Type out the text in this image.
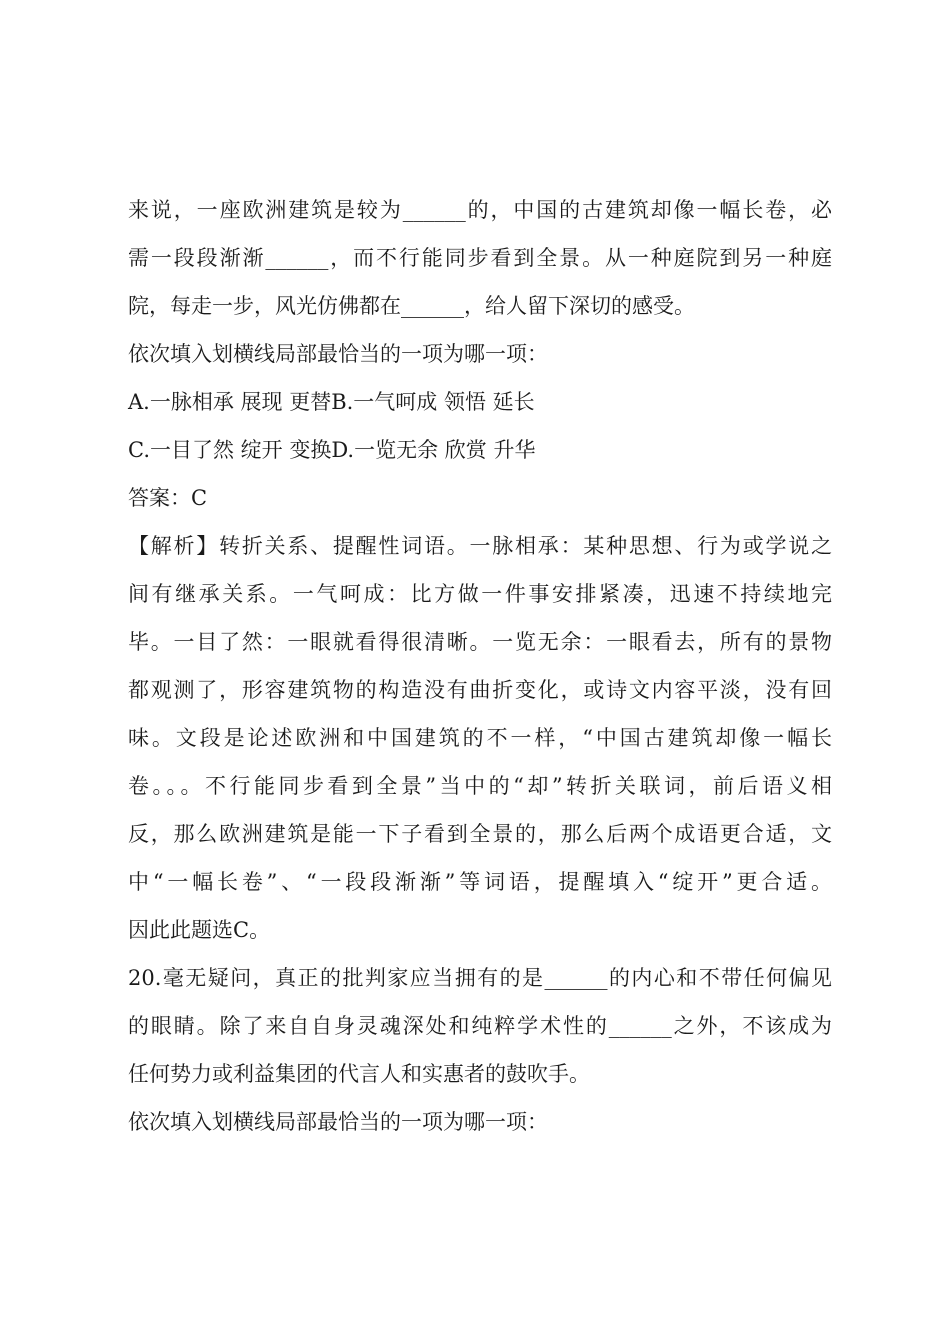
来说，一座欧洲建筑是较为______的，中国的古建筑却像一幅长卷，必
需一段段渐渐______，而不行能同步看到全景。从一种庭院到另一种庭
院，每走一步，风光仿佛都在______，给人留下深切的感受。
依次填入划横线局部最恰当的一项为哪一项：
A.一脉相承 展现 更替B.一气呵成 领悟 延长
C.一目了然 绽开 变换D.一览无余 欣赏 升华
答案：C
【解析】转折关系、提醒性词语。一脉相承：某种思想、行为或学说之
间有继承关系。一气呵成：比方做一件事安排紧凑，迅速不持续地完
毕。一目了然：一眼就看得很清晰。一览无余：一眼看去，所有的景物
都观测了，形容建筑物的构造没有曲折变化，或诗文内容平淡，没有回
味。文段是论述欧洲和中国建筑的不一样，“中国古建筑却像一幅长
卷。。。不行能同步看到全景”当中的“却”转折关联词，前后语义相
反，那么欧洲建筑是能一下子看到全景的，那么后两个成语更合适，文
中“一幅长卷”、“一段段渐渐”等词语，提醒填入“绽开”更合适。
因此此题选C。
20.毫无疑问，真正的批判家应当拥有的是______的内心和不带任何偏见
的眼睛。除了来自自身灵魂深处和纯粹学术性的______之外，不该成为
任何势力或利益集团的代言人和实惠者的鼓吹手。
依次填入划横线局部最恰当的一项为哪一项：
